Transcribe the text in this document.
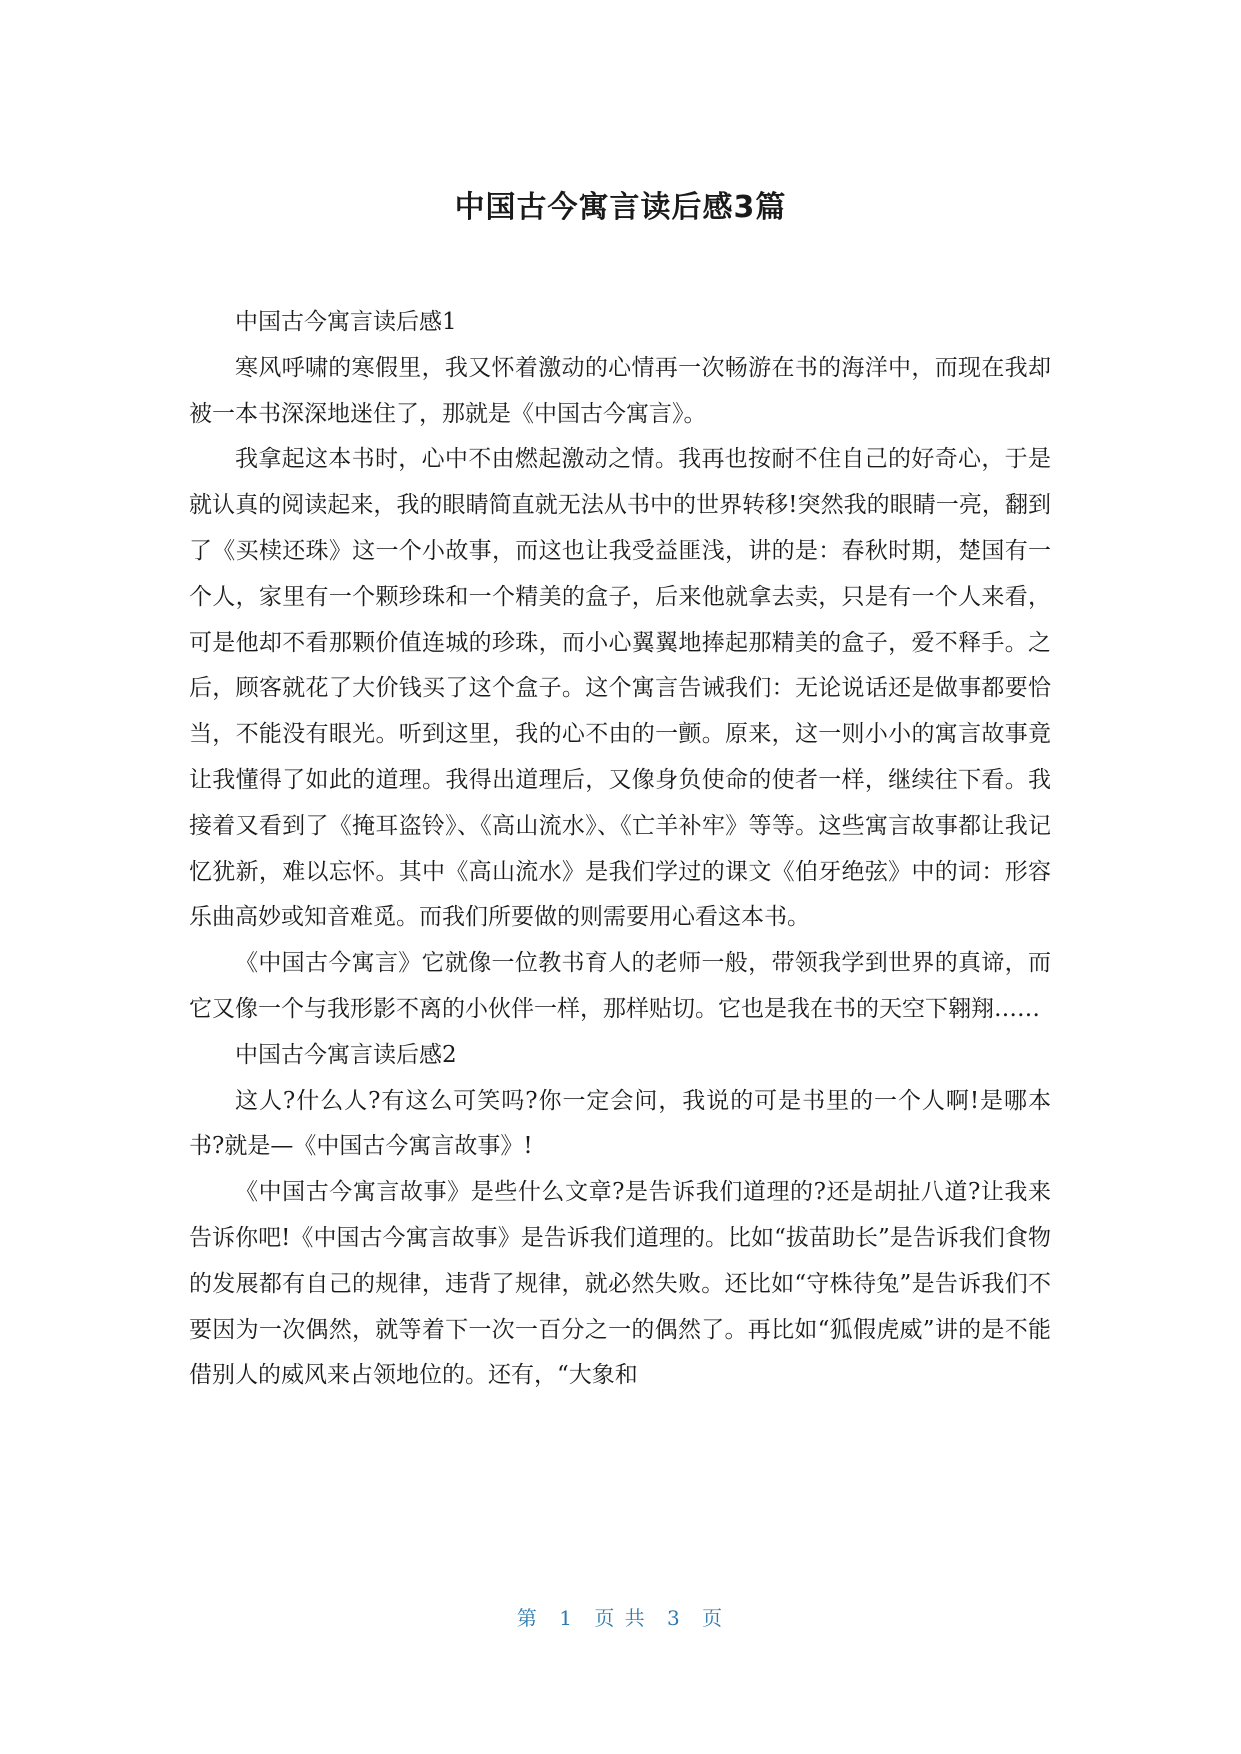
中国古今寓言读后感3篇

中国古今寓言读后感1

寒风呼啸的寒假里，我又怀着激动的心情再一次畅游在书的海洋中，而现在我却被一本书深深地迷住了，那就是《中国古今寓言》。

我拿起这本书时，心中不由燃起激动之情。我再也按耐不住自己的好奇心，于是就认真的阅读起来，我的眼睛简直就无法从书中的世界转移!突然我的眼睛一亮，翻到了《买椟还珠》这一个小故事，而这也让我受益匪浅，讲的是：春秋时期，楚国有一个人，家里有一个颗珍珠和一个精美的盒子，后来他就拿去卖，只是有一个人来看，可是他却不看那颗价值连城的珍珠，而小心翼翼地捧起那精美的盒子，爱不释手。之后，顾客就花了大价钱买了这个盒子。这个寓言告诫我们：无论说话还是做事都要恰当，不能没有眼光。听到这里，我的心不由的一颤。原来，这一则小小的寓言故事竟让我懂得了如此的道理。我得出道理后，又像身负使命的使者一样，继续往下看。我接着又看到了《掩耳盗铃》、《高山流水》、《亡羊补牢》等等。这些寓言故事都让我记忆犹新，难以忘怀。其中《高山流水》是我们学过的课文《伯牙绝弦》中的词：形容乐曲高妙或知音难觅。而我们所要做的则需要用心看这本书。

《中国古今寓言》它就像一位教书育人的老师一般，带领我学到世界的真谛，而它又像一个与我形影不离的小伙伴一样，那样贴切。它也是我在书的天空下翱翔……

中国古今寓言读后感2

这人?什么人?有这么可笑吗?你一定会问，我说的可是书里的一个人啊!是哪本书?就是—《中国古今寓言故事》!

《中国古今寓言故事》是些什么文章?是告诉我们道理的?还是胡扯八道?让我来告诉你吧!《中国古今寓言故事》是告诉我们道理的。比如“拔苗助长”是告诉我们食物的发展都有自己的规律，违背了规律，就必然失败。还比如“守株待兔”是告诉我们不要因为一次偶然，就等着下一次一百分之一的偶然了。再比如“狐假虎威”讲的是不能借别人的威风来占领地位的。还有，“大象和

第 1 页 共 3 页
